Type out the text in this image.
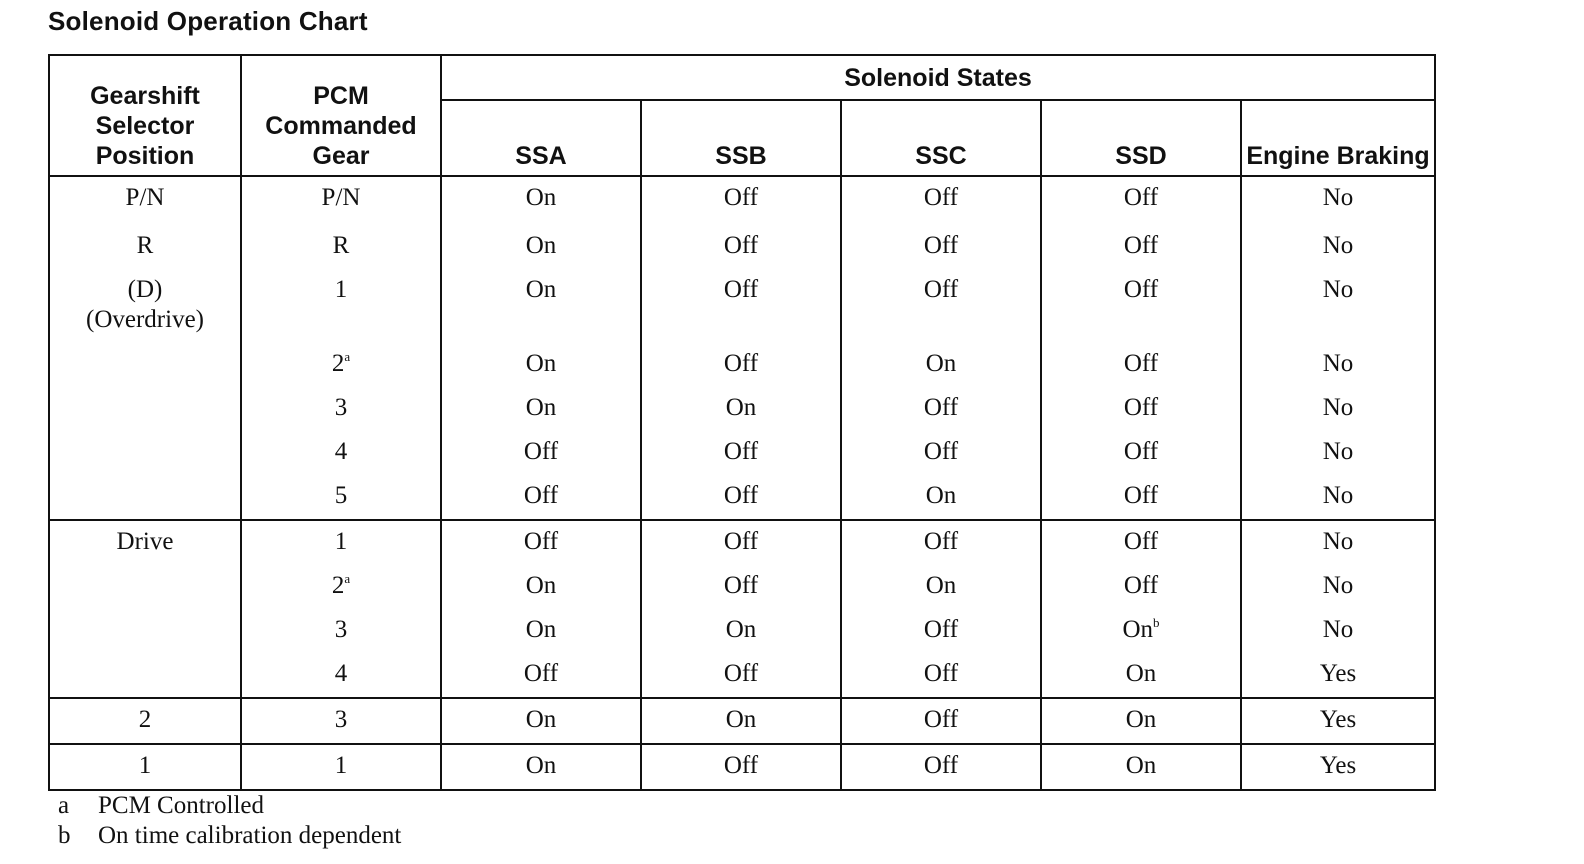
Solenoid Operation Chart
Gearshift Selector Position	PCM Commanded Gear	Solenoid States				
		SSA	SSB	SSC	SSD	Engine Braking
P/N	P/N	On	Off	Off	Off	No
R	R	On	Off	Off	Off	No
(D)
(Overdrive)	1	On	Off	Off	Off	No
	2$^a$	On	Off	On	Off	No
	3	On	On	Off	Off	No
	4	Off	Off	Off	Off	No
	5	Off	Off	On	Off	No
Drive	1	Off	Off	Off	Off	No
	2$^a$	On	Off	On	Off	No
	3	On	On	Off	On$^b$	No
	4	Off	Off	Off	On	Yes
2	3	On	On	Off	On	Yes
1	1	On	Off	Off	On	Yes
a PCM Controlled
b On time calibration dependent
